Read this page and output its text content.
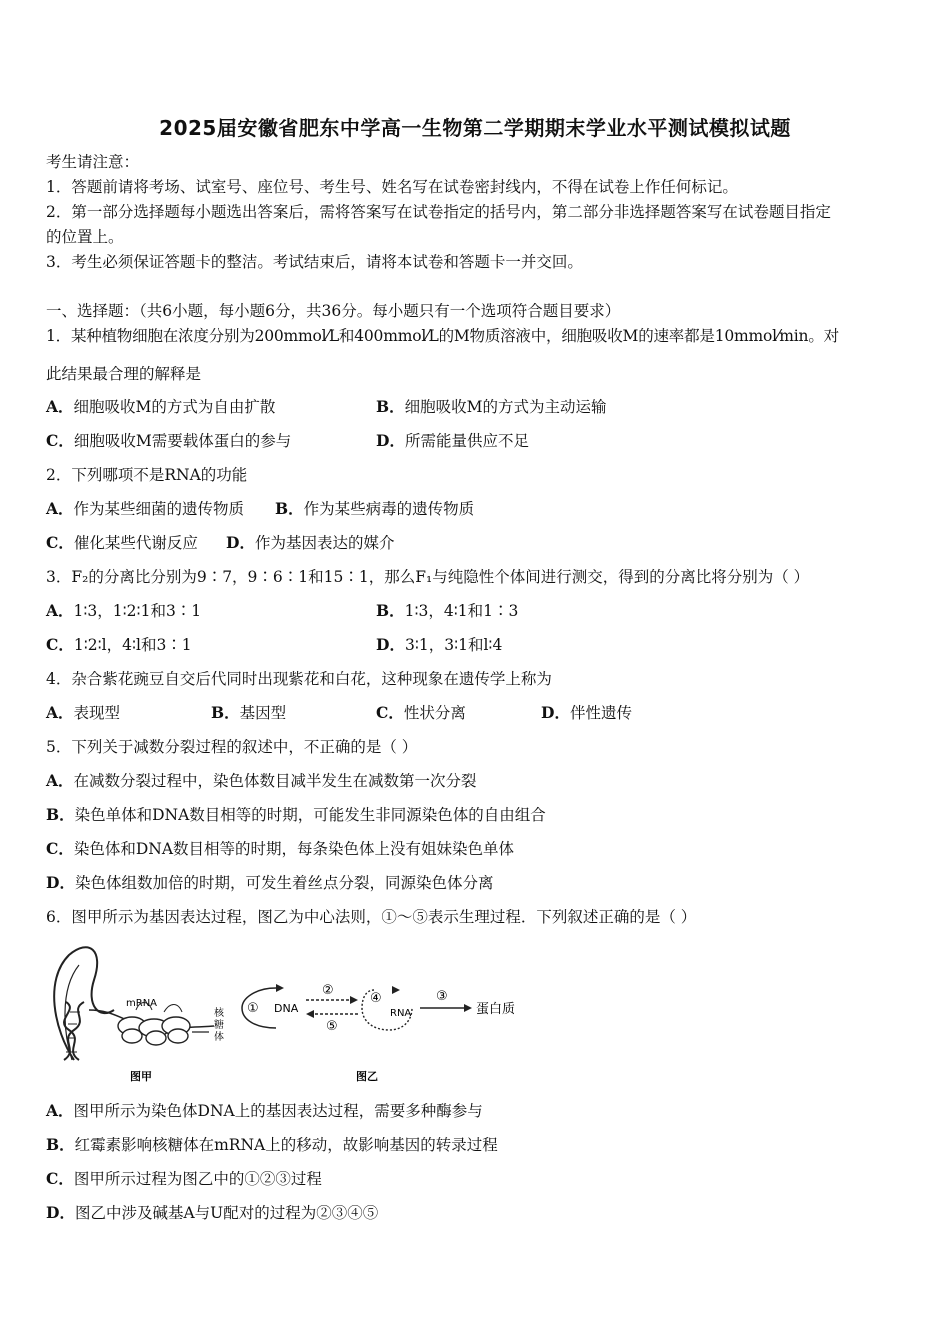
2025届安徽省肥东中学高一生物第二学期期末学业水平测试模拟试题
考生请注意：
1．答题前请将考场、试室号、座位号、考生号、姓名写在试卷密封线内，不得在试卷上作任何标记。
2．第一部分选择题每小题选出答案后，需将答案写在试卷指定的括号内，第二部分非选择题答案写在试卷题目指定
的位置上。
3．考生必须保证答题卡的整洁。考试结束后，请将本试卷和答题卡一并交回。
一、选择题：（共6小题，每小题6分，共36分。每小题只有一个选项符合题目要求）
1．某种植物细胞在浓度分别为200mmol⁄L和400mmol⁄L的M物质溶液中，细胞吸收M的速率都是10mmol⁄min。对
此结果最合理的解释是
A．细胞吸收M的方式为自由扩散	B．细胞吸收M的方式为主动运输
C．细胞吸收M需要载体蛋白的参与	D．所需能量供应不足
2．下列哪项不是RNA的功能
A．作为某些细菌的遗传物质 B．作为某些病毒的遗传物质
C．催化某些代谢反应 D．作为基因表达的媒介
3．F₂的分离比分别为9∶7，9∶6∶1和15∶1，那么F₁与纯隐性个体间进行测交，得到的分离比将分别为（ ）
A．1∶3，1∶2∶1和3∶1	B．1∶3，4∶1和1∶3
C．1∶2∶l，4∶l和3∶1	D．3∶1，3∶1和l∶4
4．杂合紫花豌豆自交后代同时出现紫花和白花，这种现象在遗传学上称为
A．表现型	B．基因型	C．性状分离	D．伴性遗传
5．下列关于减数分裂过程的叙述中，不正确的是（ ）
A．在减数分裂过程中，染色体数目减半发生在减数第一次分裂
B．染色单体和DNA数目相等的时期，可能发生非同源染色体的自由组合
C．染色体和DNA数目相等的时期，每条染色体上没有姐妹染色单体
D．染色体组数加倍的时期，可发生着丝点分裂，同源染色体分离
6．图甲所示为基因表达过程，图乙为中心法则，①～⑤表示生理过程．下列叙述正确的是（ ）
mRNA
核糖体
图甲
① DNA
②
⑤
④
RNA
③
蛋白质
图乙
A．图甲所示为染色体DNA上的基因表达过程，需要多种酶参与
B．红霉素影响核糖体在mRNA上的移动，故影响基因的转录过程
C．图甲所示过程为图乙中的①②③过程
D．图乙中涉及碱基A与U配对的过程为②③④⑤
